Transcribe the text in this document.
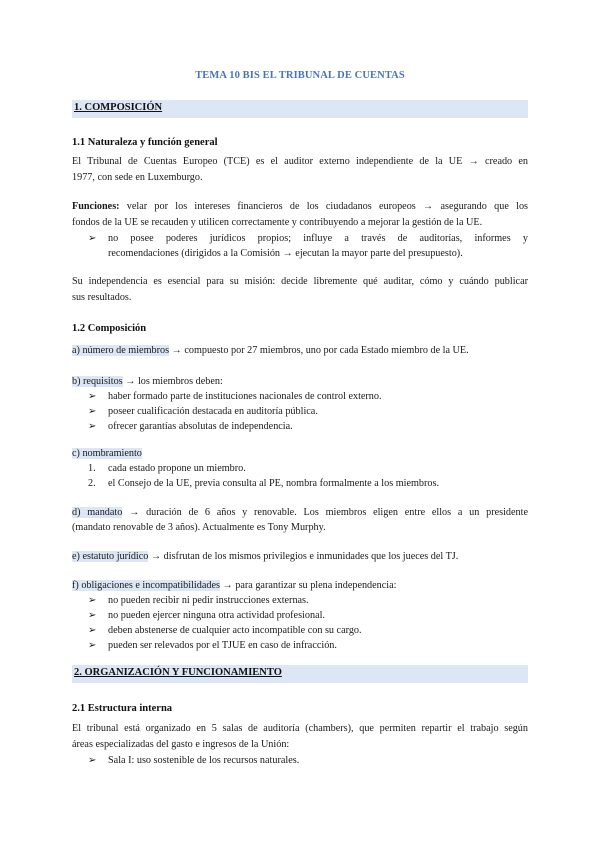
TEMA 10 BIS EL TRIBUNAL DE CUENTAS
1. COMPOSICIÓN
1.1 Naturaleza y función general
El Tribunal de Cuentas Europeo (TCE) es el auditor externo independiente de la UE → creado en
1977, con sede en Luxemburgo.
Funciones: velar por los intereses financieros de los ciudadanos europeos → asegurando que los
fondos de la UE se recauden y utilicen correctamente y contribuyendo a mejorar la gestión de la UE.
➢	no posee poderes jurídicos propios; influye a través de auditorías, informes y
recomendaciones (dirigidos a la Comisión → ejecutan la mayor parte del presupuesto).
Su independencia es esencial para su misión: decide libremente qué auditar, cómo y cuándo publicar
sus resultados.
1.2 Composición
a) número de miembros → compuesto por 27 miembros, uno por cada Estado miembro de la UE.
b) requisitos → los miembros deben:
➢	haber formado parte de instituciones nacionales de control externo.
➢	poseer cualificación destacada en auditoría pública.
➢	ofrecer garantías absolutas de independencia.
c) nombramiento
1.	cada estado propone un miembro.
2.	el Consejo de la UE, previa consulta al PE, nombra formalmente a los miembros.
d) mandato → duración de 6 años y renovable. Los miembros eligen entre ellos a un presidente
(mandato renovable de 3 años). Actualmente es Tony Murphy.
e) estatuto jurídico → disfrutan de los mismos privilegios e inmunidades que los jueces del TJ.
f) obligaciones e incompatibilidades → para garantizar su plena independencia:
➢	no pueden recibir ni pedir instrucciones externas.
➢	no pueden ejercer ninguna otra actividad profesional.
➢	deben abstenerse de cualquier acto incompatible con su cargo.
➢	pueden ser relevados por el TJUE en caso de infracción.
2. ORGANIZACIÓN Y FUNCIONAMIENTO
2.1 Estructura interna
El tribunal está organizado en 5 salas de auditoría (chambers), que permiten repartir el trabajo según
áreas especializadas del gasto e ingresos de la Unión:
➢	Sala I: uso sostenible de los recursos naturales.
